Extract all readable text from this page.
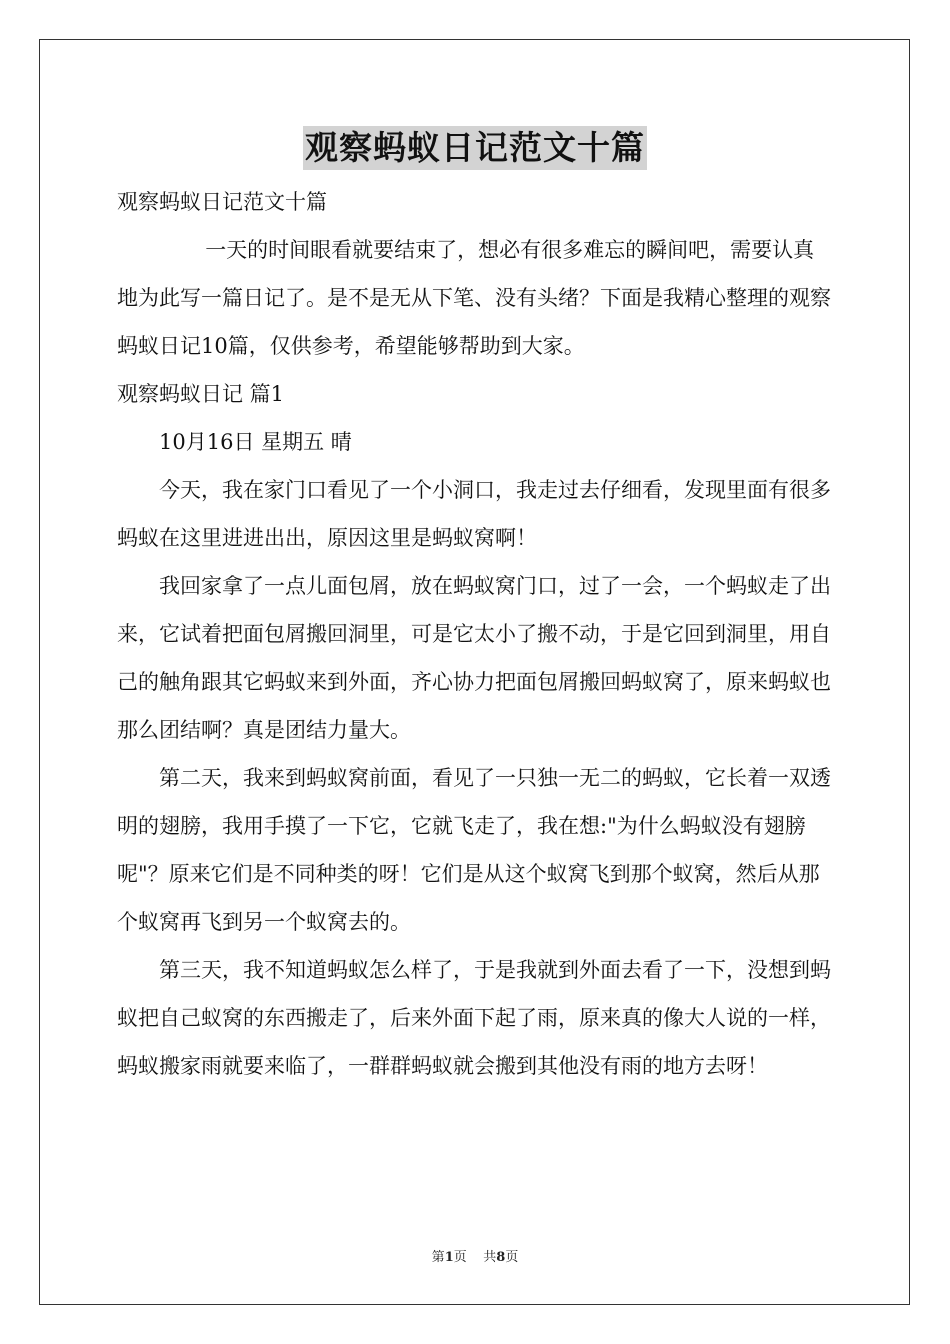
观察蚂蚁日记范文十篇
观察蚂蚁日记范文十篇
一天的时间眼看就要结束了，想必有很多难忘的瞬间吧，需要认真地为此写一篇日记了。是不是无从下笔、没有头绪？下面是我精心整理的观察蚂蚁日记10篇，仅供参考，希望能够帮助到大家。
观察蚂蚁日记 篇1
10月16日 星期五 晴
今天，我在家门口看见了一个小洞口，我走过去仔细看，发现里面有很多蚂蚁在这里进进出出，原因这里是蚂蚁窝啊！
我回家拿了一点儿面包屑，放在蚂蚁窝门口，过了一会，一个蚂蚁走了出来，它试着把面包屑搬回洞里，可是它太小了搬不动，于是它回到洞里，用自己的触角跟其它蚂蚁来到外面，齐心协力把面包屑搬回蚂蚁窝了，原来蚂蚁也那么团结啊？真是团结力量大。
第二天，我来到蚂蚁窝前面，看见了一只独一无二的蚂蚁，它长着一双透明的翅膀，我用手摸了一下它，它就飞走了，我在想:"为什么蚂蚁没有翅膀呢"？原来它们是不同种类的呀！它们是从这个蚁窝飞到那个蚁窝，然后从那个蚁窝再飞到另一个蚁窝去的。
第三天，我不知道蚂蚁怎么样了，于是我就到外面去看了一下，没想到蚂蚁把自己蚁窝的东西搬走了，后来外面下起了雨，原来真的像大人说的一样，蚂蚁搬家雨就要来临了，一群群蚂蚁就会搬到其他没有雨的地方去呀！
第1页    共8页
